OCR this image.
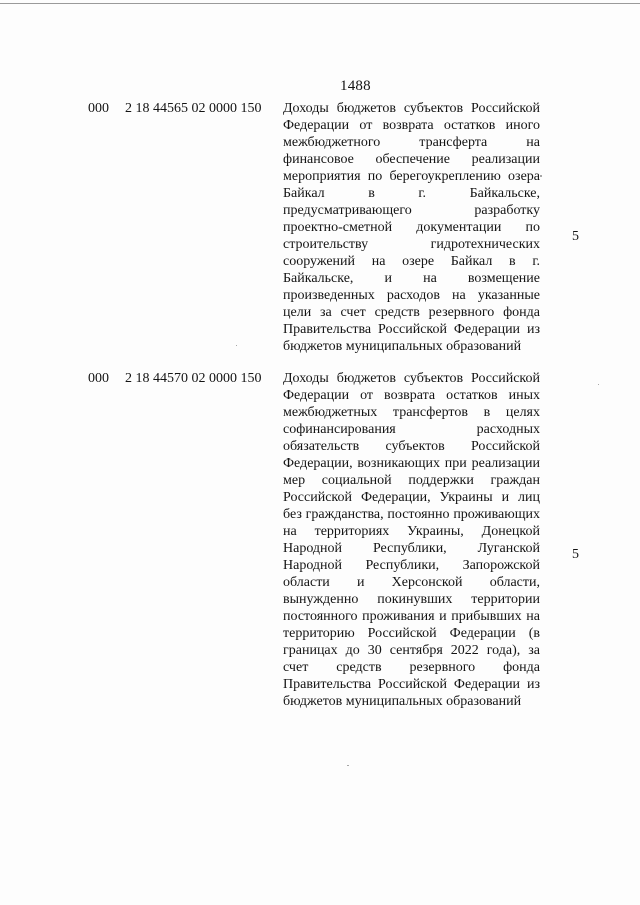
1488
000 2 18 44565 02 0000 150 Доходы бюджетов субъектов Российской Федерации от возврата остатков иного межбюджетного трансферта на финансовое обеспечение реализации мероприятия по берегоукреплению озера Байкал в г. Байкальске, предусматривающего разработку проектно-сметной документации по строительству гидротехнических сооружений на озере Байкал в г. Байкальске, и на возмещение произведенных расходов на указанные цели за счет средств резервного фонда Правительства Российской Федерации из бюджетов муниципальных образований

5
000 2 18 44570 02 0000 150 Доходы бюджетов субъектов Российской Федерации от возврата остатков иных межбюджетных трансфертов в целях софинансирования расходных обязательств субъектов Российской Федерации, возникающих при реализации мер социальной поддержки граждан Российской Федерации, Украины и лиц без гражданства, постоянно проживающих на территориях Украины, Донецкой Народной Республики, Луганской Народной Республики, Запорожской области и Херсонской области, вынужденно покинувших территории постоянного проживания и прибывших на территорию Российской Федерации (в границах до 30 сентября 2022 года), за счет средств резервного фонда Правительства Российской Федерации из бюджетов муниципальных образований

5
